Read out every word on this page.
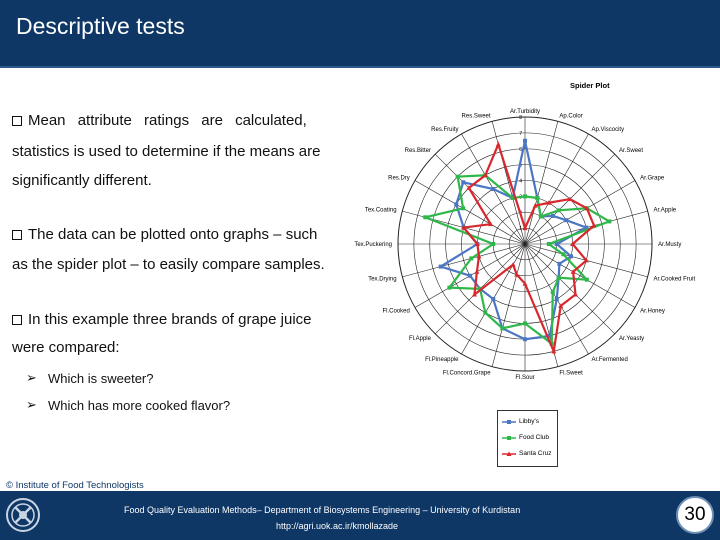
Descriptive tests
Mean attribute ratings are calculated,
statistics is used to determine if the means are
significantly different.
The data can be plotted onto graphs – such
as the spider plot – to easily compare samples.
In this example three brands of grape juice
were compared:
➢ Which is sweeter?
➢ Which has more cooked flavor?
Spider Plot
Ar.Turbidity
Ap.Color
Ap.Viscocity
Ar.Sweet
Ar.Grape
Ar.Apple
Ar.Musty
Ar.Cooked Fruit
Ar.Honey
Ar.Yeasty
Ar.Fermented
Fl.Sweet
Fl.Sour
Fl.Concord.Grape
Fl.Pineapple
Fl.Apple
Fl.Cooked
Tex.Drying
Tex.Puckering
Tex.Coating
Res.Dry
Res.Bitter
Res.Fruity
Res.Sweet
1
2
3
4
5
6
7
8
Libby's
Food Club
Santa Cruz
© Institute of Food Technologists
Food Quality Evaluation Methods– Department of Biosystems Engineering – University of Kurdistan
http://agri.uok.ac.ir/kmollazade
30
